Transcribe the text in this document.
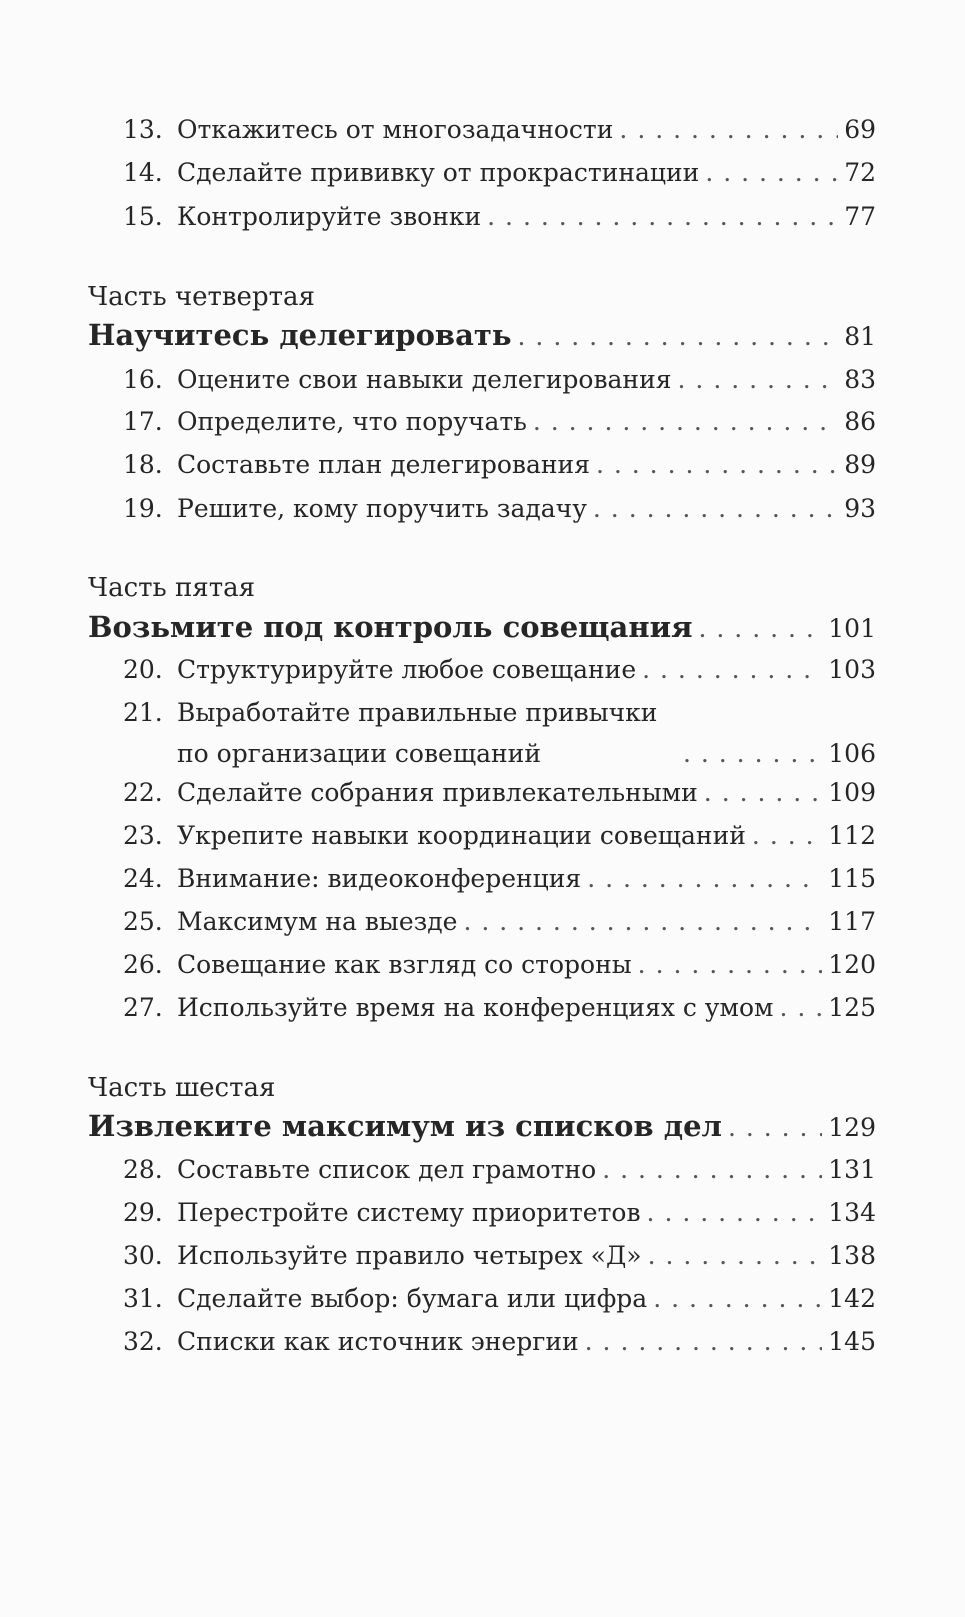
13. Откажитесь от многозадачности . . .	69
14. Сделайте прививку от прокрастинации . . .	72
15. Контролируйте звонки . . .	77
Часть четвертая
Научитесь делегировать . . .	81
16. Оцените свои навыки делегирования . . .	83
17. Определите, что поручать . . .	86
18. Составьте план делегирования . . .	89
19. Решите, кому поручить задачу . . .	93
Часть пятая
Возьмите под контроль совещания . . .	101
20. Структурируйте любое совещание . . .	103
21. Выработайте правильные привычки по организации совещаний . . .	106
22. Сделайте собрания привлекательными . . .	109
23. Укрепите навыки координации совещаний . . .	112
24. Внимание: видеоконференция . . .	115
25. Максимум на выезде . . .	117
26. Совещание как взгляд со стороны . . .	120
27. Используйте время на конференциях с умом . . . 125
Часть шестая
Извлеките максимум из списков дел . . .	129
28. Составьте список дел грамотно . . .	131
29. Перестройте систему приоритетов . . .	134
30. Используйте правило четырех «Д» . . .	138
31. Сделайте выбор: бумага или цифра . . .	142
32. Списки как источник энергии . . .	145
